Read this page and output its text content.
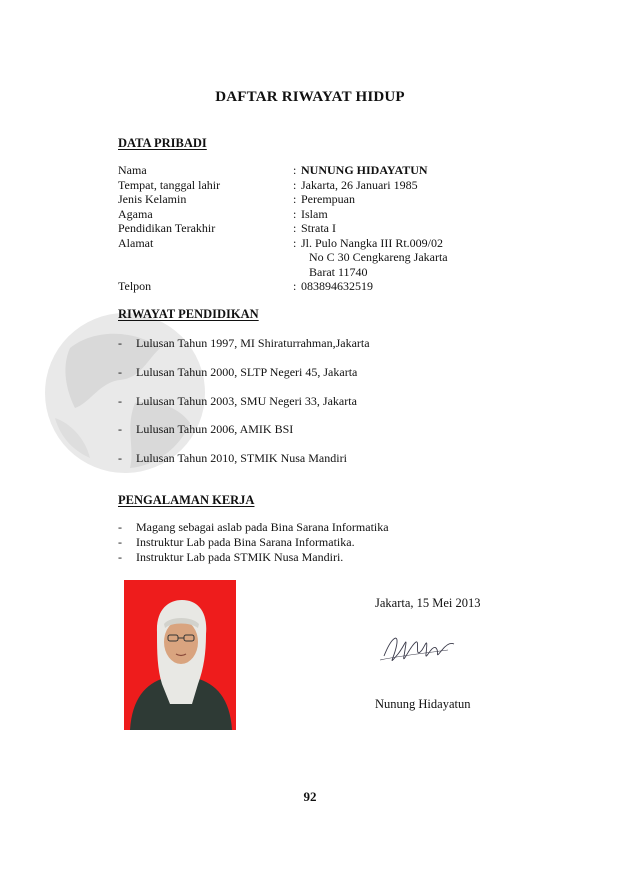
DAFTAR RIWAYAT HIDUP
DATA PRIBADI
Nama	: NUNUNG HIDAYATUN
Tempat, tanggal lahir	: Jakarta, 26 Januari 1985
Jenis Kelamin	: Perempuan
Agama	: Islam
Pendidikan Terakhir	: Strata I
Alamat	: Jl. Pulo Nangka III Rt.009/02
No C 30 Cengkareng Jakarta
Barat 11740
Telpon	: 083894632519
RIWAYAT PENDIDIKAN
- Lulusan Tahun 1997, MI Shiraturrahman,Jakarta
- Lulusan Tahun 2000, SLTP Negeri 45, Jakarta
- Lulusan Tahun 2003, SMU Negeri 33, Jakarta
- Lulusan Tahun 2006, AMIK BSI
- Lulusan Tahun 2010, STMIK Nusa Mandiri
PENGALAMAN KERJA
- Magang sebagai aslab pada Bina Sarana Informatika
- Instruktur Lab pada Bina Sarana Informatika.
- Instruktur Lab pada STMIK Nusa Mandiri.
Jakarta, 15 Mei 2013
Nunung Hidayatun
92
